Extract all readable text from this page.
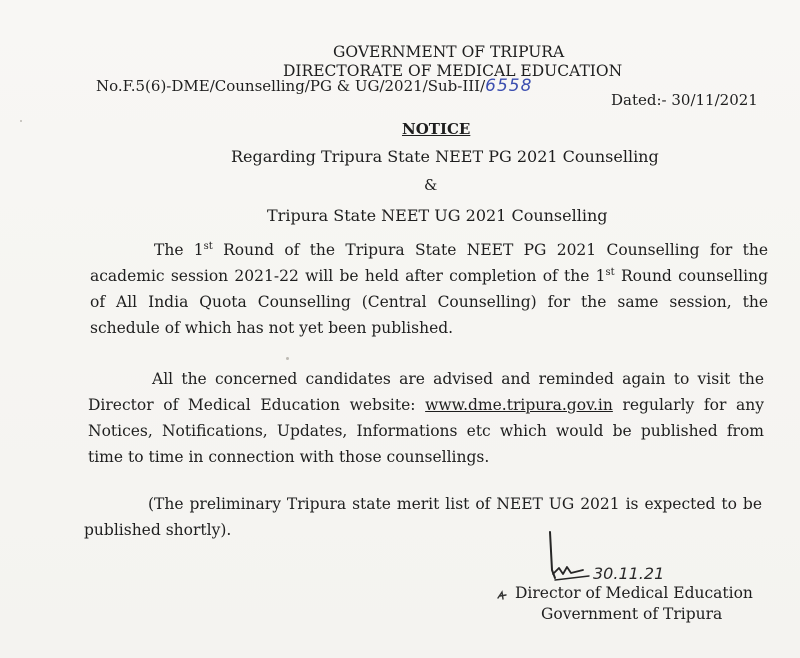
GOVERNMENT OF TRIPURA
DIRECTORATE OF MEDICAL EDUCATION
No.F.5(6)-DME/Counselling/PG & UG/2021/Sub-III/6558
Dated:- 30/11/2021
NOTICE
Regarding Tripura State NEET PG 2021 Counselling
&
Tripura State NEET UG 2021 Counselling
The 1st Round of the Tripura State NEET PG 2021 Counselling for the academic session 2021-22 will be held after completion of the 1st Round counselling of All India Quota Counselling (Central Counselling) for the same session, the schedule of which has not yet been published.
All the concerned candidates are advised and reminded again to visit the Director of Medical Education website: www.dme.tripura.gov.in regularly for any Notices, Notifications, Updates, Informations etc which would be published from time to time in connection with those counsellings.
(The preliminary Tripura state merit list of NEET UG 2021 is expected to be published shortly).
30.11.21
Director of Medical Education
Government of Tripura
